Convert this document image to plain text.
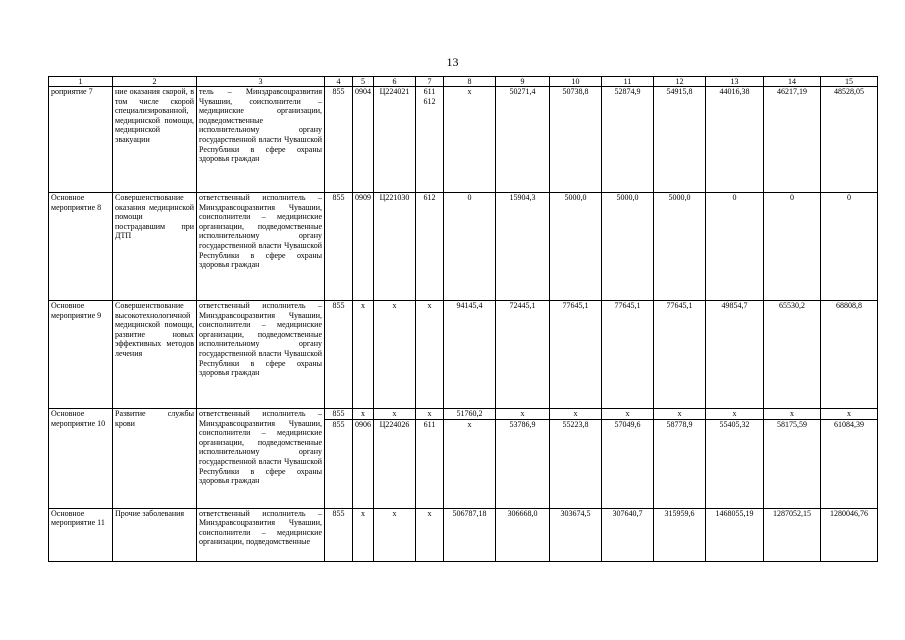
13
1	2	3	4	5	6	7	8	9	10	11	12	13	14	15
роприятие 7	ние оказания скорой, в том числе скорой специализированной, медицинской помощи, медицинской эвакуации	тель – Минздравсоцразвития Чувашии, соисполнители – медицинские организации, подведомственные исполнительному органу государственной власти Чувашской Республики в сфере охраны здоровья граждан	855	0904	Ц224021	611 612	x	50271,4	50738,8	52874,9	54915,8	44016,38	46217,19	48528,05
Основное мероприятие 8	Совершенствование оказания медицинской помощи пострадавшим при ДТП	ответственный исполнитель – Минздравсоцразвития Чувашии, соисполнители – медицинские организации, подведомственные исполнительному органу государственной власти Чувашской Республики в сфере охраны здоровья граждан	855	0909	Ц221030	612	0	15904,3	5000,0	5000,0	5000,0	0	0	0
Основное мероприятие 9	Совершенствование высокотехнологичной медицинской помощи, развитие новых эффективных методов лечения	ответственный исполнитель – Минздравсоцразвития Чувашии, соисполнители – медицинские организации, подведомственные исполнительному органу государственной власти Чувашской Республики в сфере охраны здоровья граждан	855	x	x	x	94145,4	72445,1	77645,1	77645,1	77645,1	49854,7	65530,2	68808,8
Основное мероприятие 10	Развитие службы крови	ответственный исполнитель – Минздравсоцразвития Чувашии, соисполнители – медицинские организации, подведомственные исполнительному органу государственной власти Чувашской Республики в сфере охраны здоровья граждан	855	x	x	x	51760,2	x	x	x	x	x	x	x
			855	0906	Ц224026	611	x	53786,9	55223,8	57049,6	58778,9	55405,32	58175,59	61084,39
Основное мероприятие 11	Прочие заболевания	ответственный исполнитель – Минздравсоцразвития Чувашии, соисполнители – медицинские организации, подведомственные	855	x	x	x	506787,18	306668,0	303674,5	307640,7	315959,6	1468055,19	1287052,15	1280046,76
